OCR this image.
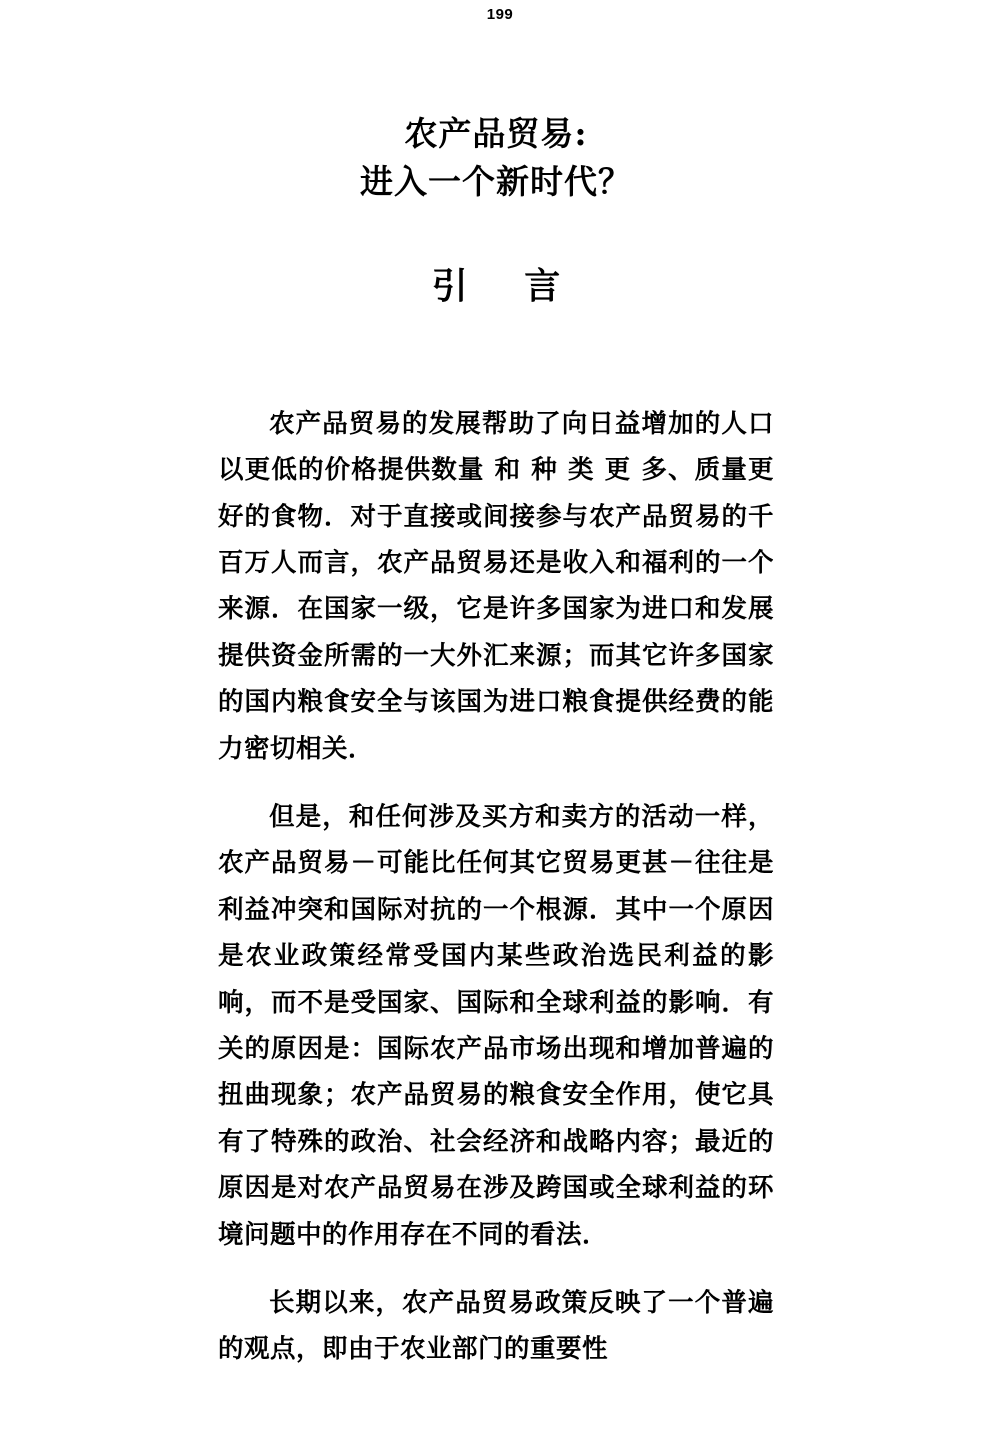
199
农产品贸易:
进入一个新时代？
引 言

农产品贸易的发展帮助了向日益增加的人口以更低的价格提供数量 和 种 类 更 多、质量更好的食物．对于直接或间接参与农产品贸易的千百万人而言，农产品贸易还是收入和福利的一个来源．在国家一级，它是许多国家为进口和发展提供资金所需的一大外汇来源；而其它许多国家的国内粮食安全与该国为进口粮食提供经费的能力密切相关．

但是，和任何涉及买方和卖方的活动一样，农产品贸易－可能比任何其它贸易更甚－往往是利益冲突和国际对抗的一个根源．其中一个原因是农业政策经常受国内某些政治选民利益的影响，而不是受国家、国际和全球利益的影响．有关的原因是：国际农产品市场出现和增加普遍的扭曲现象；农产品贸易的粮食安全作用，使它具有了特殊的政治、社会经济和战略内容；最近的原因是对农产品贸易在涉及跨国或全球利益的环境问题中的作用存在不同的看法．

长期以来，农产品贸易政策反映了一个普遍的观点，即由于农业部门的重要性
